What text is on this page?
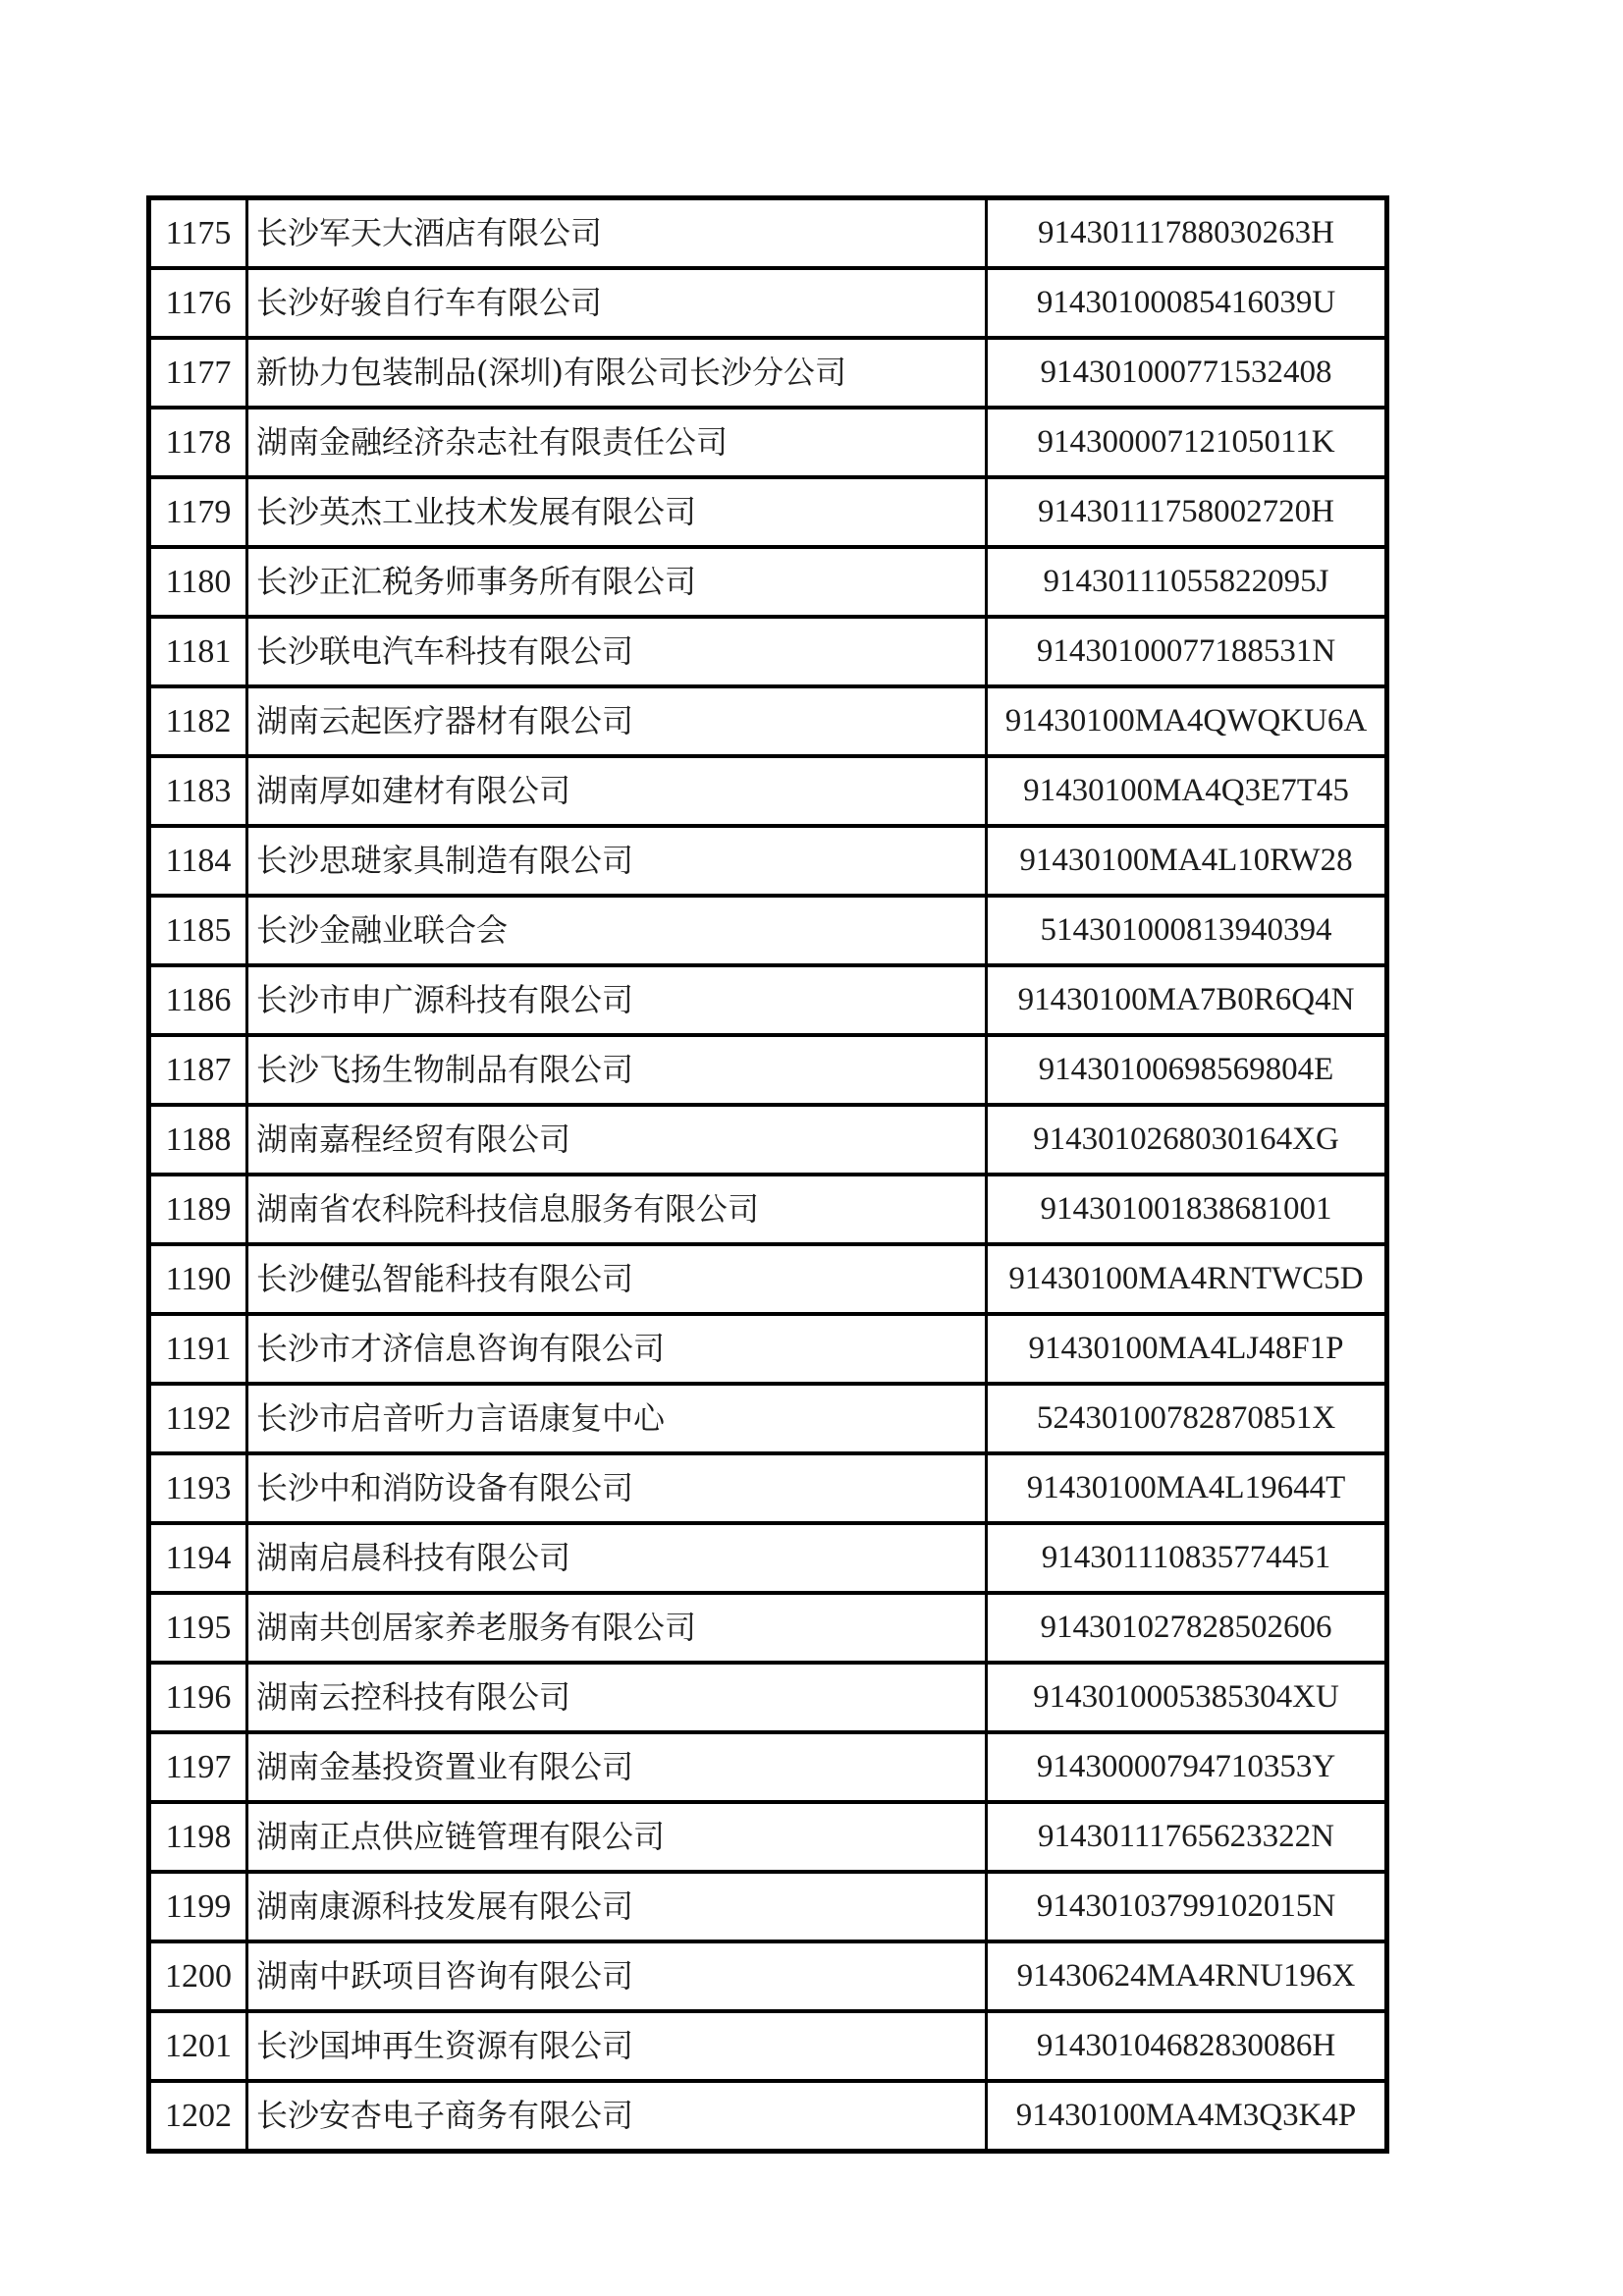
1175	长沙军天大酒店有限公司	91430111788030263H
1176	长沙好骏自行车有限公司	91430100085416039U
1177	新协力包装制品(深圳)有限公司长沙分公司	914301000771532408
1178	湖南金融经济杂志社有限责任公司	91430000712105011K
1179	长沙英杰工业技术发展有限公司	91430111758002720H
1180	长沙正汇税务师事务所有限公司	91430111055822095J
1181	长沙联电汽车科技有限公司	91430100077188531N
1182	湖南云起医疗器材有限公司	91430100MA4QWQKU6A
1183	湖南厚如建材有限公司	91430100MA4Q3E7T45
1184	长沙思琎家具制造有限公司	91430100MA4L10RW28
1185	长沙金融业联合会	514301000813940394
1186	长沙市申广源科技有限公司	91430100MA7B0R6Q4N
1187	长沙飞扬生物制品有限公司	91430100698569804E
1188	湖南嘉程经贸有限公司	9143010268030164XG
1189	湖南省农科院科技信息服务有限公司	914301001838681001
1190	长沙健弘智能科技有限公司	91430100MA4RNTWC5D
1191	长沙市才济信息咨询有限公司	91430100MA4LJ48F1P
1192	长沙市启音听力言语康复中心	52430100782870851X
1193	长沙中和消防设备有限公司	91430100MA4L19644T
1194	湖南启晨科技有限公司	914301110835774451
1195	湖南共创居家养老服务有限公司	914301027828502606
1196	湖南云控科技有限公司	9143010005385304XU
1197	湖南金基投资置业有限公司	91430000794710353Y
1198	湖南正点供应链管理有限公司	91430111765623322N
1199	湖南康源科技发展有限公司	91430103799102015N
1200	湖南中跃项目咨询有限公司	91430624MA4RNU196X
1201	长沙国坤再生资源有限公司	91430104682830086H
1202	长沙安杏电子商务有限公司	91430100MA4M3Q3K4P
